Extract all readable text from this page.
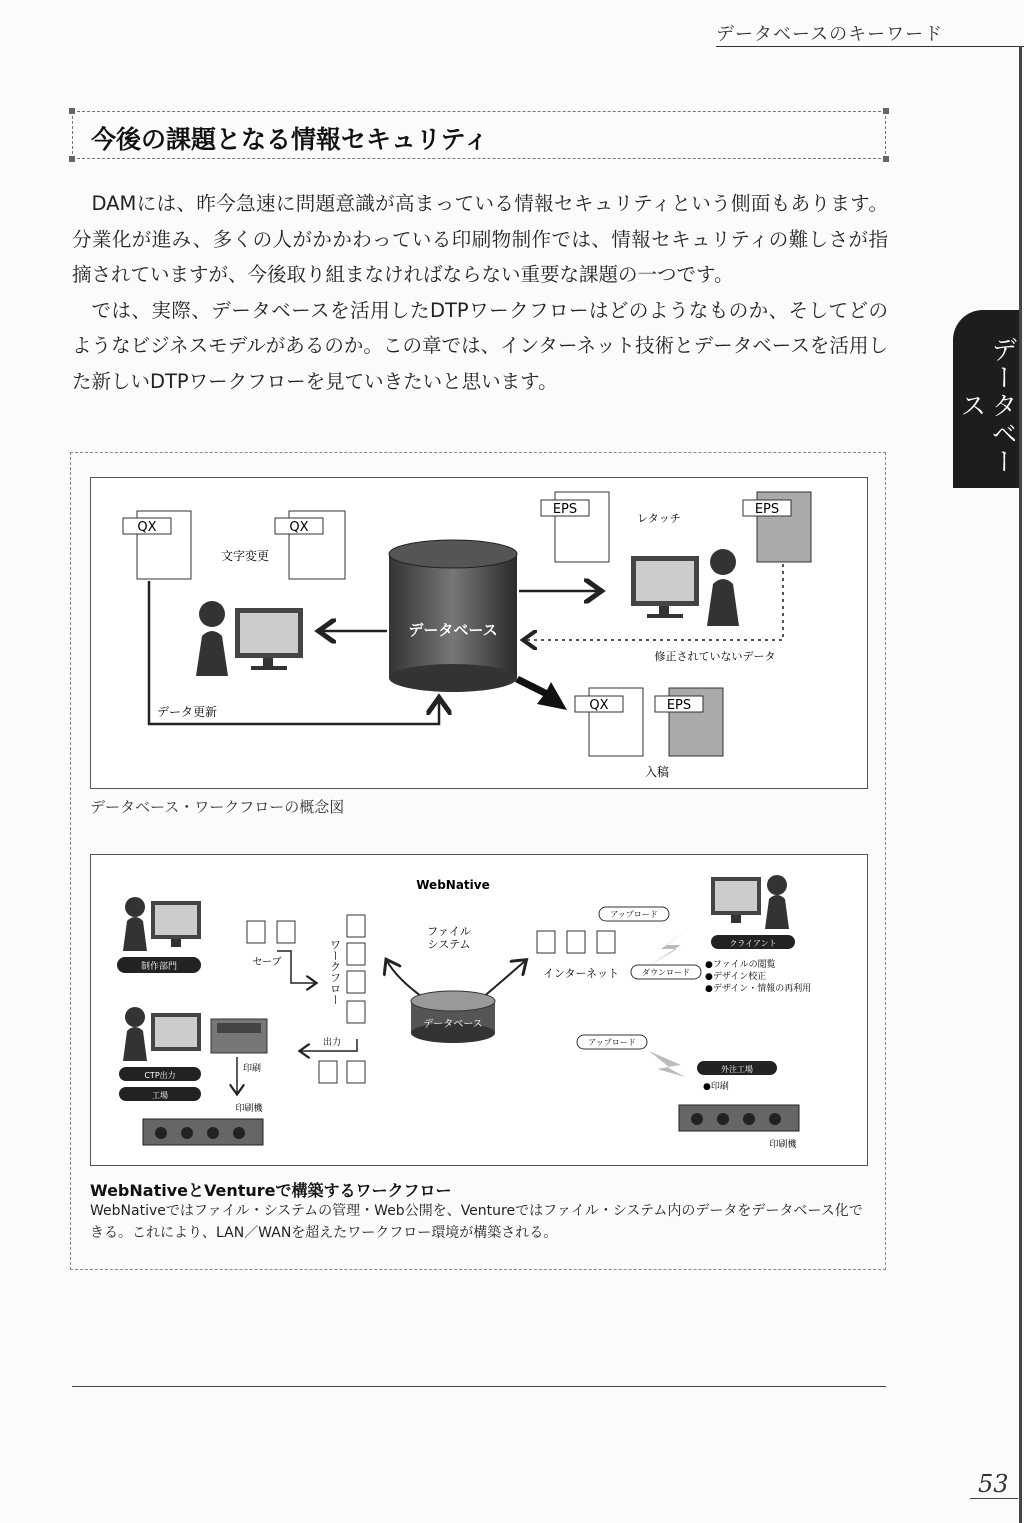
データベースのキーワード
データベース
今後の課題となる情報セキュリティ

DAMには、昨今急速に問題意識が高まっている情報セキュリティという側面もあります。分業化が進み、多くの人がかかわっている印刷物制作では、情報セキュリティの難しさが指摘されていますが、今後取り組まなければならない重要な課題の一つです。

では、実際、データベースを活用したDTPワークフローはどのようなものか、そしてどのようなビジネスモデルがあるのか。この章では、インターネット技術とデータベースを活用した新しいDTPワークフローを見ていきたいと思います。

QX	QX
文字変更
データベース
データ更新
EPS
レタッチ
EPS
修正されていないデータ
QX	EPS
入稿
データベース・ワークフローの概念図
WebNative
制作部門	セーブ	ワークフロー
ファイルシステム
データベース
インターネット
アップロード
ダウンロード
クライアント
●ファイルの閲覧
●デザイン校正
●デザイン・情報の再利用
CTP出力
工場
印刷
出力
印刷機
アップロード
外注工場
●印刷
印刷機
WebNativeとVentureで構築するワークフロー
WebNativeではファイル・システムの管理・Web公開を、Ventureではファイル・システム内のデータをデータベース化できる。これにより、LAN／WANを超えたワークフロー環境が構築される。
53
